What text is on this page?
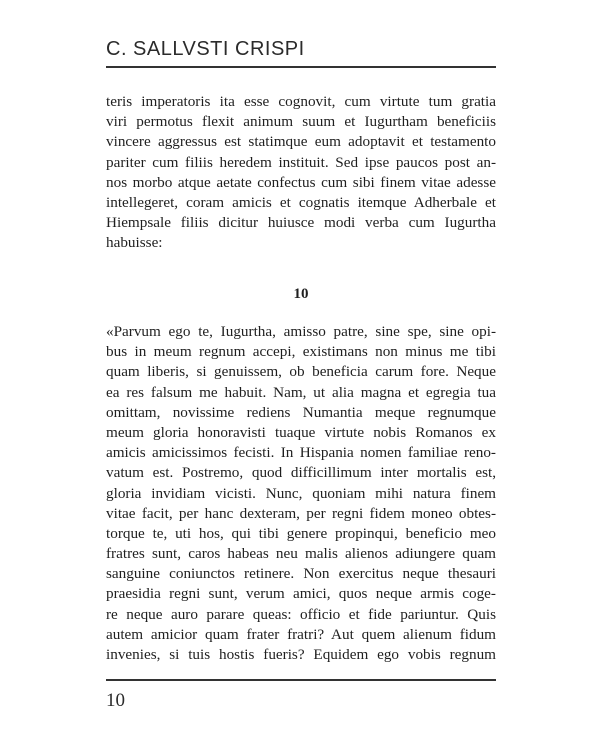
C. SALLVSTI CRISPI
teris imperatoris ita esse cognovit, cum virtute tum gratia
viri permotus flexit animum suum et Iugurtham beneficiis
vincere aggressus est statimque eum adoptavit et testamento
pariter cum filiis heredem instituit. Sed ipse paucos post an-
nos morbo atque aetate confectus cum sibi finem vitae adesse
intellegeret, coram amicis et cognatis itemque Adherbale et
Hiempsale filiis dicitur huiusce modi verba cum Iugurtha
habuisse:
10
«Parvum ego te, Iugurtha, amisso patre, sine spe, sine opi-
bus in meum regnum accepi, existimans non minus me tibi
quam liberis, si genuissem, ob beneficia carum fore. Neque
ea res falsum me habuit. Nam, ut alia magna et egregia tua
omittam, novissime rediens Numantia meque regnumque
meum gloria honoravisti tuaque virtute nobis Romanos ex
amicis amicissimos fecisti. In Hispania nomen familiae reno-
vatum est. Postremo, quod difficillimum inter mortalis est,
gloria invidiam vicisti. Nunc, quoniam mihi natura finem
vitae facit, per hanc dexteram, per regni fidem moneo obtes-
torque te, uti hos, qui tibi genere propinqui, beneficio meo
fratres sunt, caros habeas neu malis alienos adiungere quam
sanguine coniunctos retinere. Non exercitus neque thesauri
praesidia regni sunt, verum amici, quos neque armis coge-
re neque auro parare queas: officio et fide pariuntur. Quis
autem amicior quam frater fratri? Aut quem alienum fidum
invenies, si tuis hostis fueris? Equidem ego vobis regnum
10
